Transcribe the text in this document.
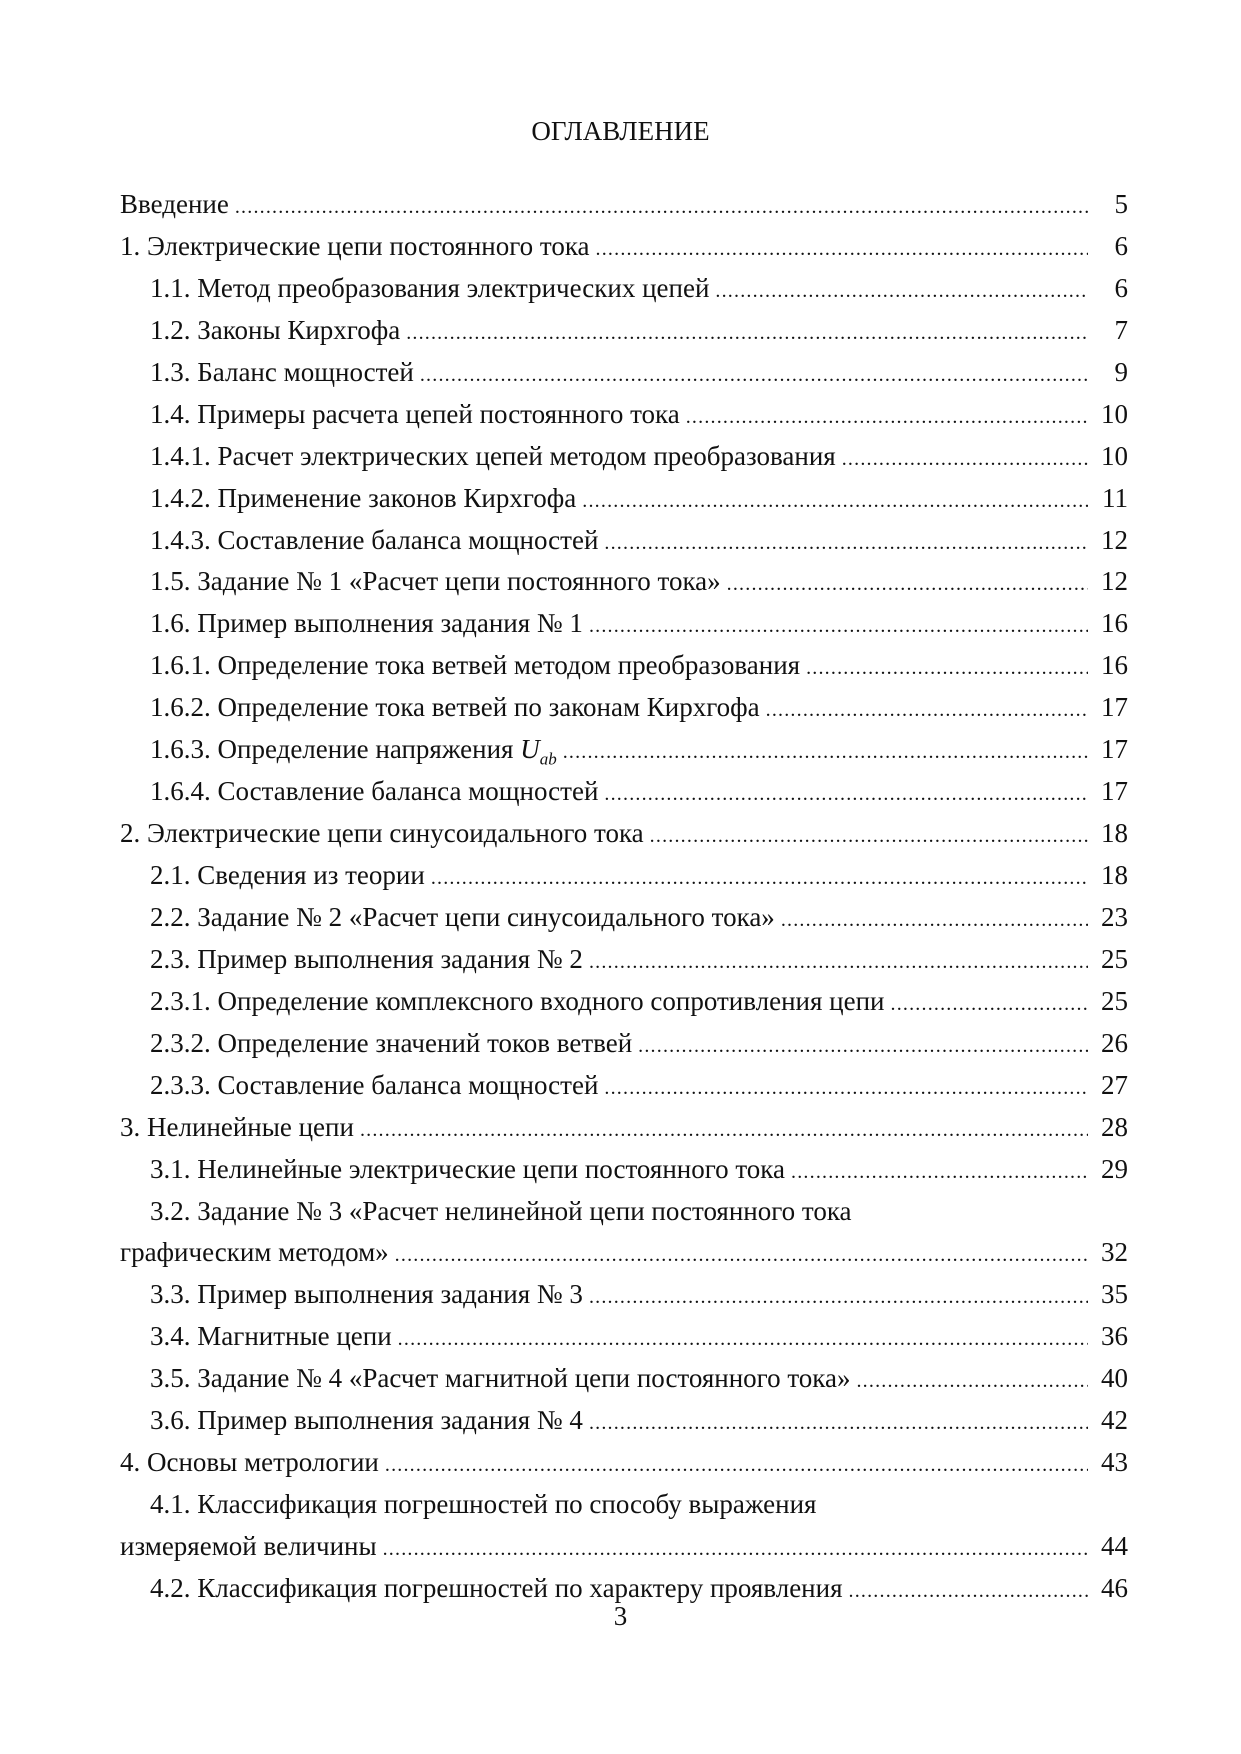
ОГЛАВЛЕНИЕ
Введение .....	5
1. Электрические цепи постоянного тока .....	6
1.1. Метод преобразования электрических цепей .....	6
1.2. Законы Кирхгофа .....	7
1.3. Баланс мощностей .....	9
1.4. Примеры расчета цепей постоянного тока .....	10
1.4.1. Расчет электрических цепей методом преобразования .....	10
1.4.2. Применение законов Кирхгофа .....	11
1.4.3. Составление баланса мощностей .....	12
1.5. Задание № 1 «Расчет цепи постоянного тока» .....	12
1.6. Пример выполнения задания № 1 .....	16
1.6.1. Определение тока ветвей методом преобразования .....	16
1.6.2. Определение тока ветвей по законам Кирхгофа .....	17
1.6.3. Определение напряжения $U_{ab}$ .....	17
1.6.4. Составление баланса мощностей .....	17
2. Электрические цепи синусоидального тока .....	18
2.1. Сведения из теории .....	18
2.2. Задание № 2 «Расчет цепи синусоидального тока» .....	23
2.3. Пример выполнения задания № 2 .....	25
2.3.1. Определение комплексного входного сопротивления цепи .....	25
2.3.2. Определение значений токов ветвей .....	26
2.3.3. Составление баланса мощностей .....	27
3. Нелинейные цепи .....	28
3.1. Нелинейные электрические цепи постоянного тока .....	29
3.2. Задание № 3 «Расчет нелинейной цепи постоянного тока
графическим методом» .....	32
3.3. Пример выполнения задания № 3 .....	35
3.4. Магнитные цепи .....	36
3.5. Задание № 4 «Расчет магнитной цепи постоянного тока» .....	40
3.6. Пример выполнения задания № 4 .....	42
4. Основы метрологии .....	43
4.1. Классификация погрешностей по способу выражения
измеряемой величины .....	44
4.2. Классификация погрешностей по характеру проявления .....	46
3
